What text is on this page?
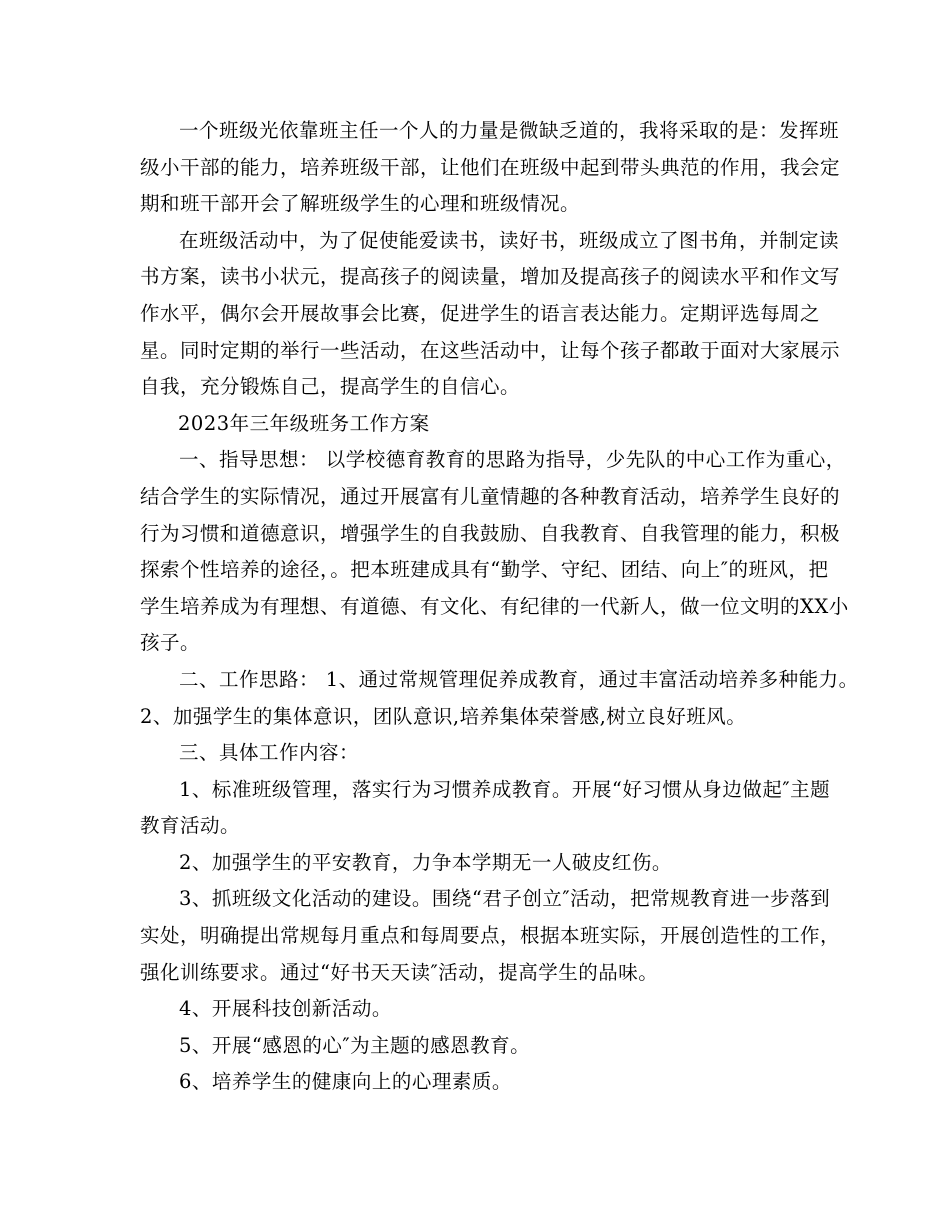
一个班级光依靠班主任一个人的力量是微缺乏道的，我将采取的是：发挥班
级小干部的能力，培养班级干部，让他们在班级中起到带头典范的作用，我会定
期和班干部开会了解班级学生的心理和班级情况。

在班级活动中，为了促使能爱读书，读好书，班级成立了图书角，并制定读
书方案，读书小状元，提高孩子的阅读量，增加及提高孩子的阅读水平和作文写
作水平，偶尔会开展故事会比赛，促进学生的语言表达能力。定期评选每周之
星。同时定期的举行一些活动，在这些活动中，让每个孩子都敢于面对大家展示
自我，充分锻炼自己，提高学生的自信心。

2023年三年级班务工作方案

一、指导思想： 以学校德育教育的思路为指导，少先队的中心工作为重心，
结合学生的实际情况，通过开展富有儿童情趣的各种教育活动，培养学生良好的
行为习惯和道德意识，增强学生的自我鼓励、自我教育、自我管理的能力，积极
探索个性培养的途径，。把本班建成具有“勤学、守纪、团结、向上″的班风，把
学生培养成为有理想、有道德、有文化、有纪律的一代新人，做一位文明的XX小
孩子。

二、工作思路： 1、通过常规管理促养成教育，通过丰富活动培养多种能力。
2、加强学生的集体意识，团队意识,培养集体荣誉感,树立良好班风。

三、具体工作内容：

1、标准班级管理，落实行为习惯养成教育。开展“好习惯从身边做起″主题
教育活动。

2、加强学生的平安教育，力争本学期无一人破皮红伤。

3、抓班级文化活动的建设。围绕“君子创立″活动，把常规教育进一步落到
实处，明确提出常规每月重点和每周要点，根据本班实际，开展创造性的工作，
强化训练要求。通过“好书天天读″活动，提高学生的品味。

4、开展科技创新活动。

5、开展“感恩的心″为主题的感恩教育。

6、培养学生的健康向上的心理素质。
